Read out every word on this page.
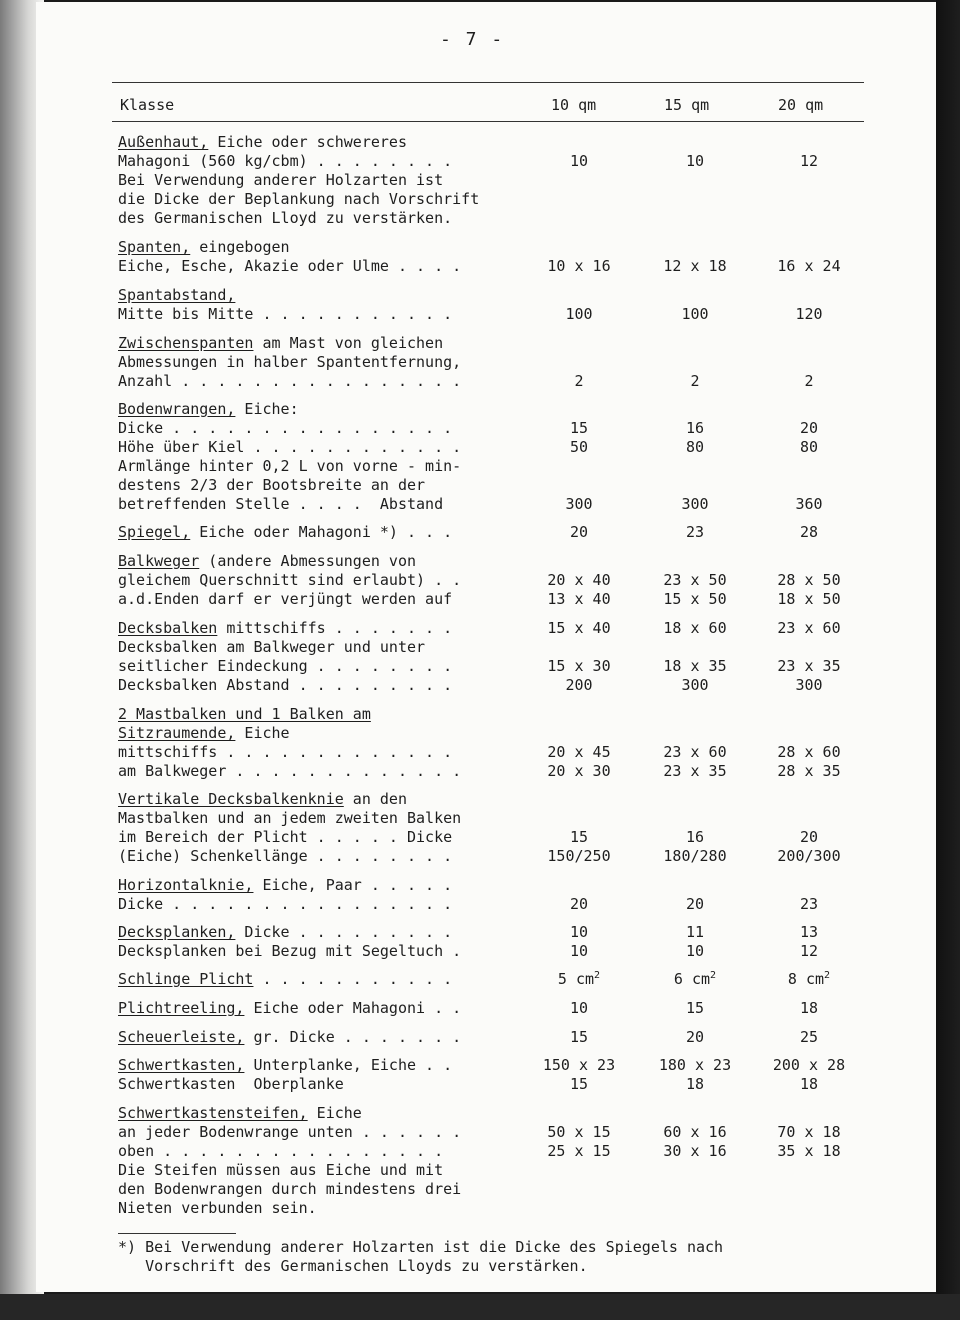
- 7 -
Klasse	10 qm	15 qm	20 qm
Außenhaut, Eiche oder schwereres
Mahagoni (560 kg/cbm) . . . . . . . .	10	10	12
Bei Verwendung anderer Holzarten ist
die Dicke der Beplankung nach Vorschrift
des Germanischen Lloyd zu verstärken.
Spanten, eingebogen
Eiche, Esche, Akazie oder Ulme . . . .	10 x 16	12 x 18	16 x 24
Spantabstand,
Mitte bis Mitte . . . . . . . . . . .	100	100	120
Zwischenspanten am Mast von gleichen
Abmessungen in halber Spantentfernung,
Anzahl . . . . . . . . . . . . . . . .	2	2	2
Bodenwrangen, Eiche:
Dicke . . . . . . . . . . . . . . . .	15	16	20
Höhe über Kiel . . . . . . . . . . . .	50	80	80
Armlänge hinter 0,2 L von vorne - min-
destens 2/3 der Bootsbreite an der
betreffenden Stelle . . . .  Abstand	300	300	360
Spiegel, Eiche oder Mahagoni *) . . .	20	23	28
Balkweger (andere Abmessungen von
gleichem Querschnitt sind erlaubt) . .	20 x 40	23 x 50	28 x 50
a.d.Enden darf er verjüngt werden auf	13 x 40	15 x 50	18 x 50
Decksbalken mittschiffs . . . . . . .	15 x 40	18 x 60	23 x 60
Decksbalken am Balkweger und unter
seitlicher Eindeckung . . . . . . . .	15 x 30	18 x 35	23 x 35
Decksbalken Abstand . . . . . . . . .	200	300	300
2 Mastbalken und 1 Balken am
Sitzraumende, Eiche
mittschiffs . . . . . . . . . . . . .	20 x 45	23 x 60	28 x 60
am Balkweger . . . . . . . . . . . . .	20 x 30	23 x 35	28 x 35
Vertikale Decksbalkenknie an den
Mastbalken und an jedem zweiten Balken
im Bereich der Plicht . . . . . Dicke	15	16	20
(Eiche) Schenkellänge . . . . . . . .	150/250	180/280	200/300
Horizontalknie, Eiche, Paar . . . . .
Dicke . . . . . . . . . . . . . . . .	20	20	23
Decksplanken, Dicke . . . . . . . . .	10	11	13
Decksplanken bei Bezug mit Segeltuch .	10	10	12
Schlinge Plicht . . . . . . . . . . .	5 $cm^2$	6 $cm^2$	8 $cm^2$
Plichtreeling, Eiche oder Mahagoni . .	10	15	18
Scheuerleiste, gr. Dicke . . . . . . .	15	20	25
Schwertkasten, Unterplanke, Eiche . .	150 x 23	180 x 23	200 x 28
Schwertkasten  Oberplanke	15	18	18
Schwertkastensteifen, Eiche
an jeder Bodenwrange unten . . . . . .	50 x 15	60 x 16	70 x 18
oben . . . . . . . . . . . . . . . .	25 x 15	30 x 16	35 x 18
Die Steifen müssen aus Eiche und mit
den Bodenwrangen durch mindestens drei
Nieten verbunden sein.
*) Bei Verwendung anderer Holzarten ist die Dicke des Spiegels nach
Vorschrift des Germanischen Lloyds zu verstärken.
